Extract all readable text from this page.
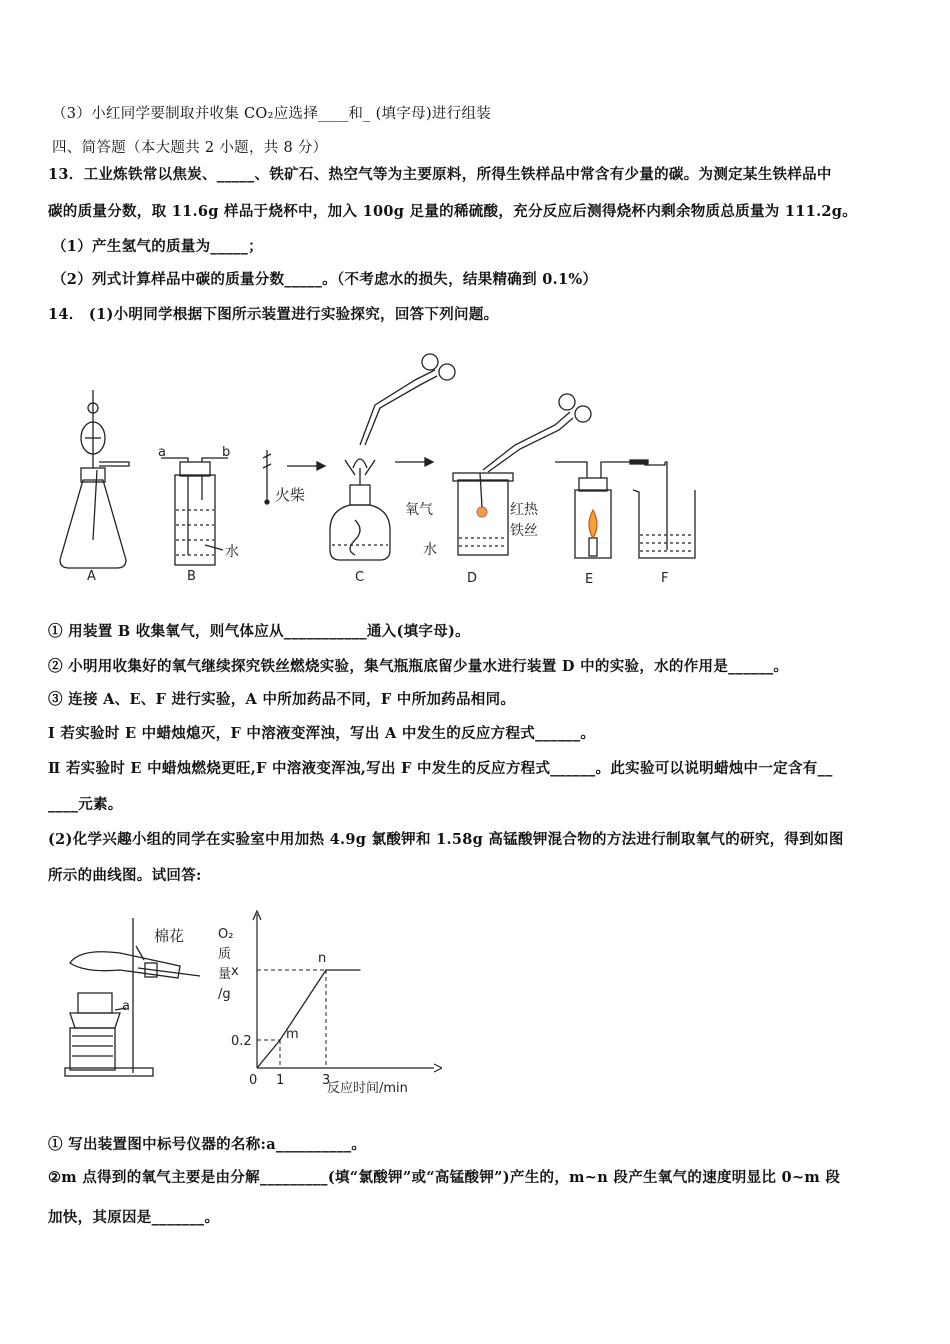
（3）小红同学要制取并收集 CO₂应选择____和_ (填字母)进行组装
四、简答题（本大题共 2 小题，共 8 分）
13．工业炼铁常以焦炭、_____、铁矿石、热空气等为主要原料，所得生铁样品中常含有少量的碳。为测定某生铁样品中
碳的质量分数，取 11.6g 样品于烧杯中，加入 100g 足量的稀硫酸，充分反应后测得烧杯内剩余物质总质量为 111.2g。
（1）产生氢气的质量为_____；
（2）列式计算样品中碳的质量分数_____。（不考虑水的损失，结果精确到 0.1%）
14． (1)小明同学根据下图所示装置进行实验探究，回答下列问题。
A	B	C	D	E	F
a	b
水
火柴
氧气	红热
铁丝
水
① 用装置 B 收集氧气，则气体应从___________通入(填字母)。
② 小明用收集好的氧气继续探究铁丝燃烧实验，集气瓶瓶底留少量水进行装置 D 中的实验，水的作用是______。
③ 连接 A、E、F 进行实验，A 中所加药品不同，F 中所加药品相同。
Ⅰ 若实验时 E 中蜡烛熄灭，F 中溶液变浑浊，写出 A 中发生的反应方程式______。
Ⅱ 若实验时 E 中蜡烛燃烧更旺,F 中溶液变浑浊,写出 F 中发生的反应方程式______。此实验可以说明蜡烛中一定含有__
____元素。
(2)化学兴趣小组的同学在实验室中用加热 4.9g 氯酸钾和 1.58g 高锰酸钾混合物的方法进行制取氧气的研究，得到如图
所示的曲线图。试回答:
棉花
a
0 1	3
0.2
x
m
n
O₂
质
量
/g
反应时间/min
① 写出装置图中标号仪器的名称:a__________。
②m 点得到的氧气主要是由分解_________(填“氯酸钾”或“高锰酸钾”)产生的，m~n 段产生氧气的速度明显比 0~m 段
加快，其原因是_______。
